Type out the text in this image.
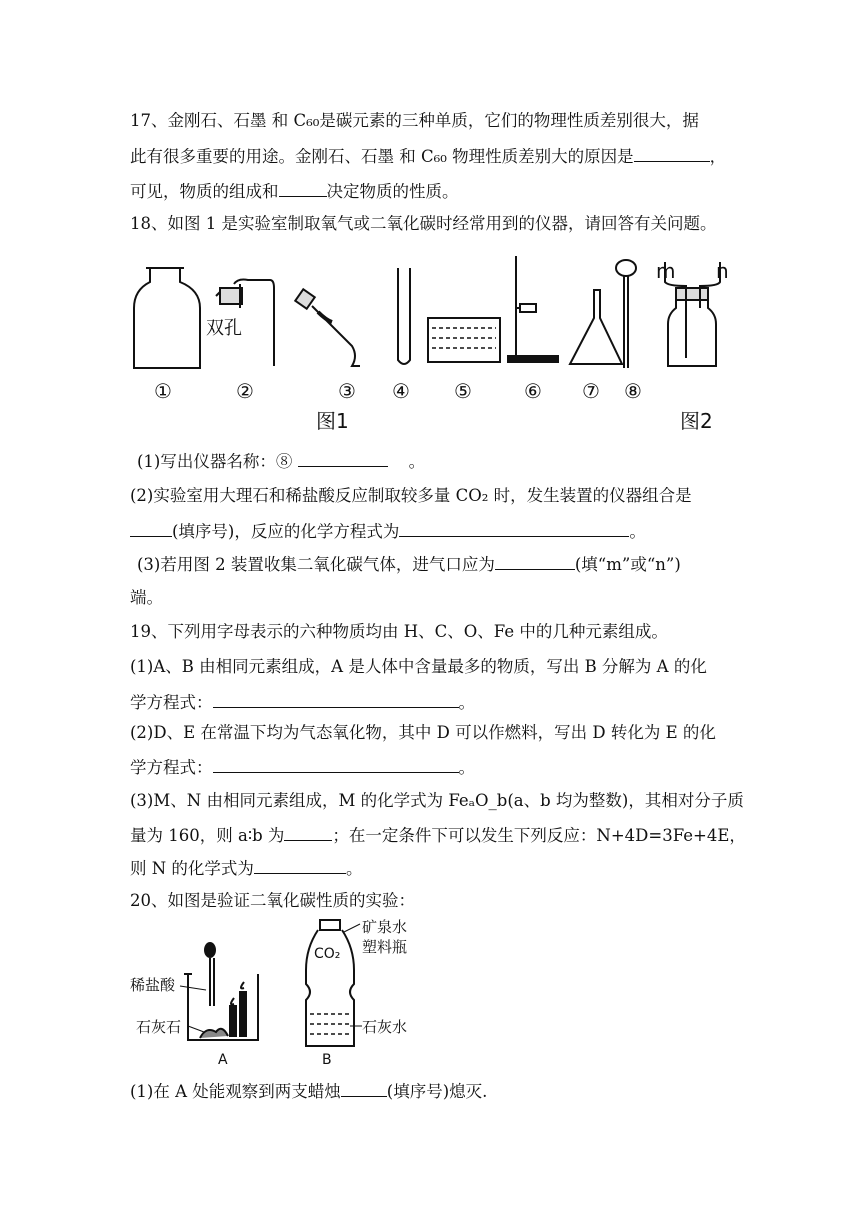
17、金刚石、石墨 和 C₆₀是碳元素的三种单质，它们的物理性质差别很大，据
此有很多重要的用途。金刚石、石墨 和 C₆₀ 物理性质差别大的原因是	，
可见，物质的组成和	决定物质的性质。
18、如图 1 是实验室制取氧气或二氧化碳时经常用到的仪器，请回答有关问题。
双孔
①	②	③ ④ ⑤	⑥ ⑦ ⑧
图1	图2
m n
(1)写出仪器名称：⑧	。
(2)实验室用大理石和稀盐酸反应制取较多量 CO₂ 时，发生装置的仪器组合是
(填序号)，反应的化学方程式为	。
(3)若用图 2 装置收集二氧化碳气体，进气口应为	(填“m”或“n”)
端。
19、下列用字母表示的六种物质均由 H、C、O、Fe 中的几种元素组成。
(1)A、B 由相同元素组成，A 是人体中含量最多的物质，写出 B 分解为 A 的化
学方程式：	。
(2)D、E 在常温下均为气态氧化物，其中 D 可以作燃料，写出 D 转化为 E 的化
学方程式：	。
(3)M、N 由相同元素组成，M 的化学式为 FeₐO_b(a、b 均为整数)，其相对分子质
量为 160，则 a∶b 为	；在一定条件下可以发生下列反应：N+4D=3Fe+4E，
则 N 的化学式为	。
20、如图是验证二氧化碳性质的实验：
稀盐酸
石灰石
A
CO₂
矿泉水
塑料瓶
石灰水
B
(1)在 A 处能观察到两支蜡烛	(填序号)熄灭.
